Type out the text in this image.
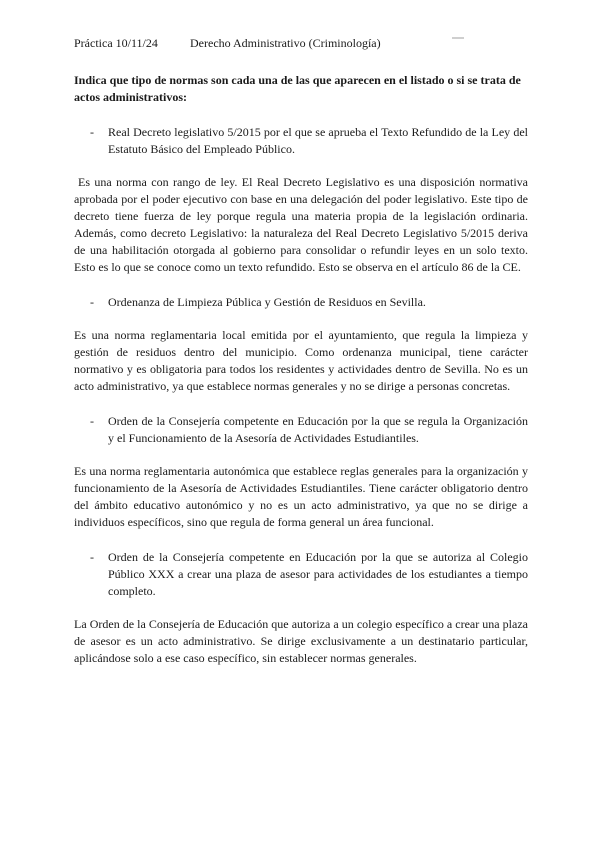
Práctica 10/11/24	Derecho Administrativo (Criminología)
Indica que tipo de normas son cada una de las que aparecen en el listado o si se trata de actos administrativos:
-	Real Decreto legislativo 5/2015 por el que se aprueba el Texto Refundido de la Ley del Estatuto Básico del Empleado Público.
Es una norma con rango de ley. El Real Decreto Legislativo es una disposición normativa aprobada por el poder ejecutivo con base en una delegación del poder legislativo. Este tipo de decreto tiene fuerza de ley porque regula una materia propia de la legislación ordinaria. Además, como decreto Legislativo: la naturaleza del Real Decreto Legislativo 5/2015 deriva de una habilitación otorgada al gobierno para consolidar o refundir leyes en un solo texto. Esto es lo que se conoce como un texto refundido. Esto se observa en el artículo 86 de la CE.
-	Ordenanza de Limpieza Pública y Gestión de Residuos en Sevilla.
Es una norma reglamentaria local emitida por el ayuntamiento, que regula la limpieza y gestión de residuos dentro del municipio. Como ordenanza municipal, tiene carácter normativo y es obligatoria para todos los residentes y actividades dentro de Sevilla. No es un acto administrativo, ya que establece normas generales y no se dirige a personas concretas.
-	Orden de la Consejería competente en Educación por la que se regula la Organización y el Funcionamiento de la Asesoría de Actividades Estudiantiles.
Es una norma reglamentaria autonómica que establece reglas generales para la organización y funcionamiento de la Asesoría de Actividades Estudiantiles. Tiene carácter obligatorio dentro del ámbito educativo autonómico y no es un acto administrativo, ya que no se dirige a individuos específicos, sino que regula de forma general un área funcional.
-	Orden de la Consejería competente en Educación por la que se autoriza al Colegio Público XXX a crear una plaza de asesor para actividades de los estudiantes a tiempo completo.
La Orden de la Consejería de Educación que autoriza a un colegio específico a crear una plaza de asesor es un acto administrativo. Se dirige exclusivamente a un destinatario particular, aplicándose solo a ese caso específico, sin establecer normas generales.
